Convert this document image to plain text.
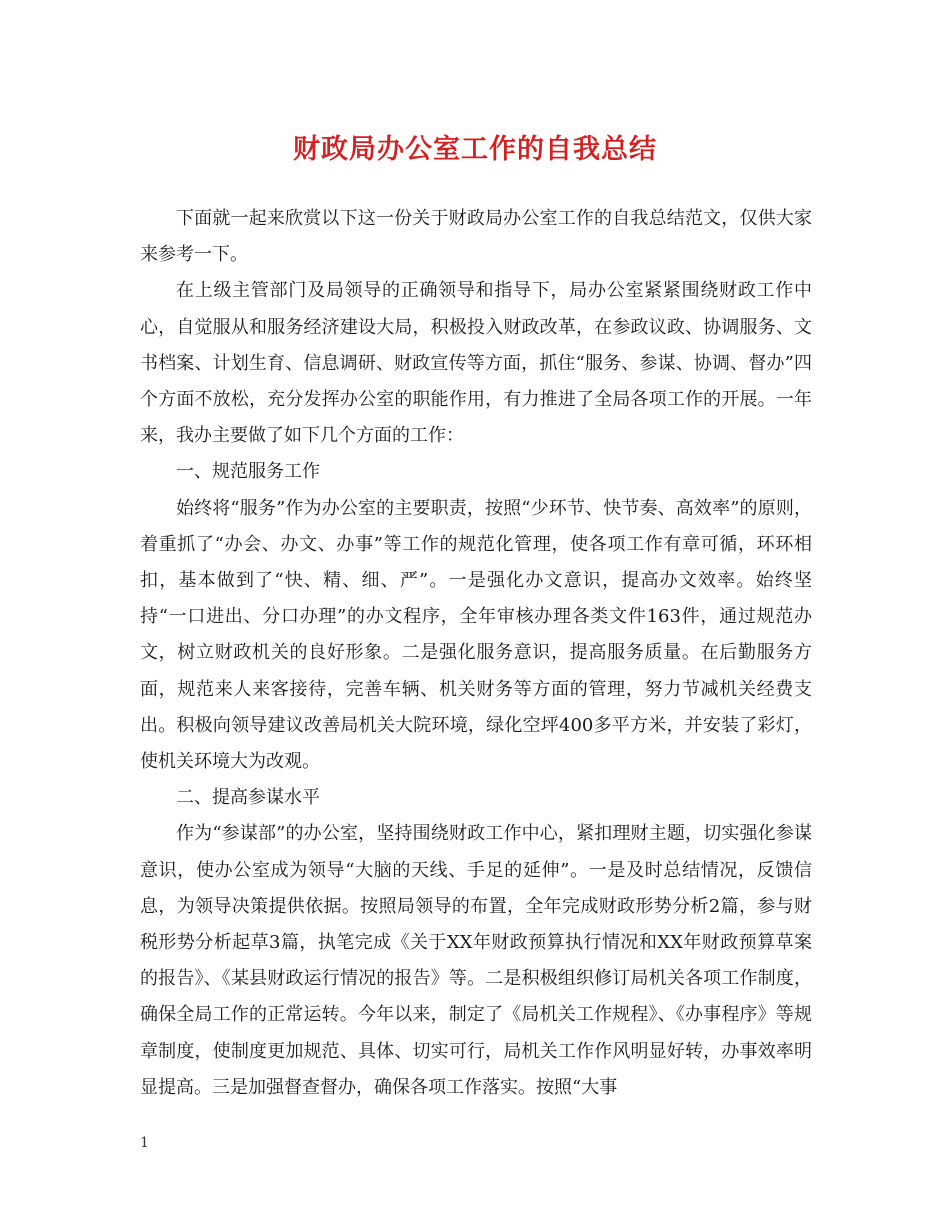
财政局办公室工作的自我总结

下面就一起来欣赏以下这一份关于财政局办公室工作的自我总结范文，仅供大家来参考一下。

在上级主管部门及局领导的正确领导和指导下，局办公室紧紧围绕财政工作中心，自觉服从和服务经济建设大局，积极投入财政改革，在参政议政、协调服务、文书档案、计划生育、信息调研、财政宣传等方面，抓住“服务、参谋、协调、督办”四个方面不放松，充分发挥办公室的职能作用，有力推进了全局各项工作的开展。一年来，我办主要做了如下几个方面的工作：

一、规范服务工作

始终将“服务”作为办公室的主要职责，按照“少环节、快节奏、高效率”的原则，着重抓了“办会、办文、办事”等工作的规范化管理，使各项工作有章可循，环环相扣，基本做到了“快、精、细、严”。一是强化办文意识，提高办文效率。始终坚持“一口进出、分口办理”的办文程序，全年审核办理各类文件163件，通过规范办文，树立财政机关的良好形象。二是强化服务意识，提高服务质量。在后勤服务方面，规范来人来客接待，完善车辆、机关财务等方面的管理，努力节减机关经费支出。积极向领导建议改善局机关大院环境，绿化空坪400多平方米，并安装了彩灯，使机关环境大为改观。

二、提高参谋水平

作为“参谋部”的办公室，坚持围绕财政工作中心，紧扣理财主题，切实强化参谋意识，使办公室成为领导“大脑的天线、手足的延伸”。一是及时总结情况，反馈信息，为领导决策提供依据。按照局领导的布置，全年完成财政形势分析2篇，参与财税形势分析起草3篇，执笔完成《关于XX年财政预算执行情况和XX年财政预算草案的报告》、《某县财政运行情况的报告》等。二是积极组织修订局机关各项工作制度，确保全局工作的正常运转。今年以来，制定了《局机关工作规程》、《办事程序》等规章制度，使制度更加规范、具体、切实可行，局机关工作作风明显好转，办事效率明显提高。三是加强督查督办，确保各项工作落实。按照“大事

1
